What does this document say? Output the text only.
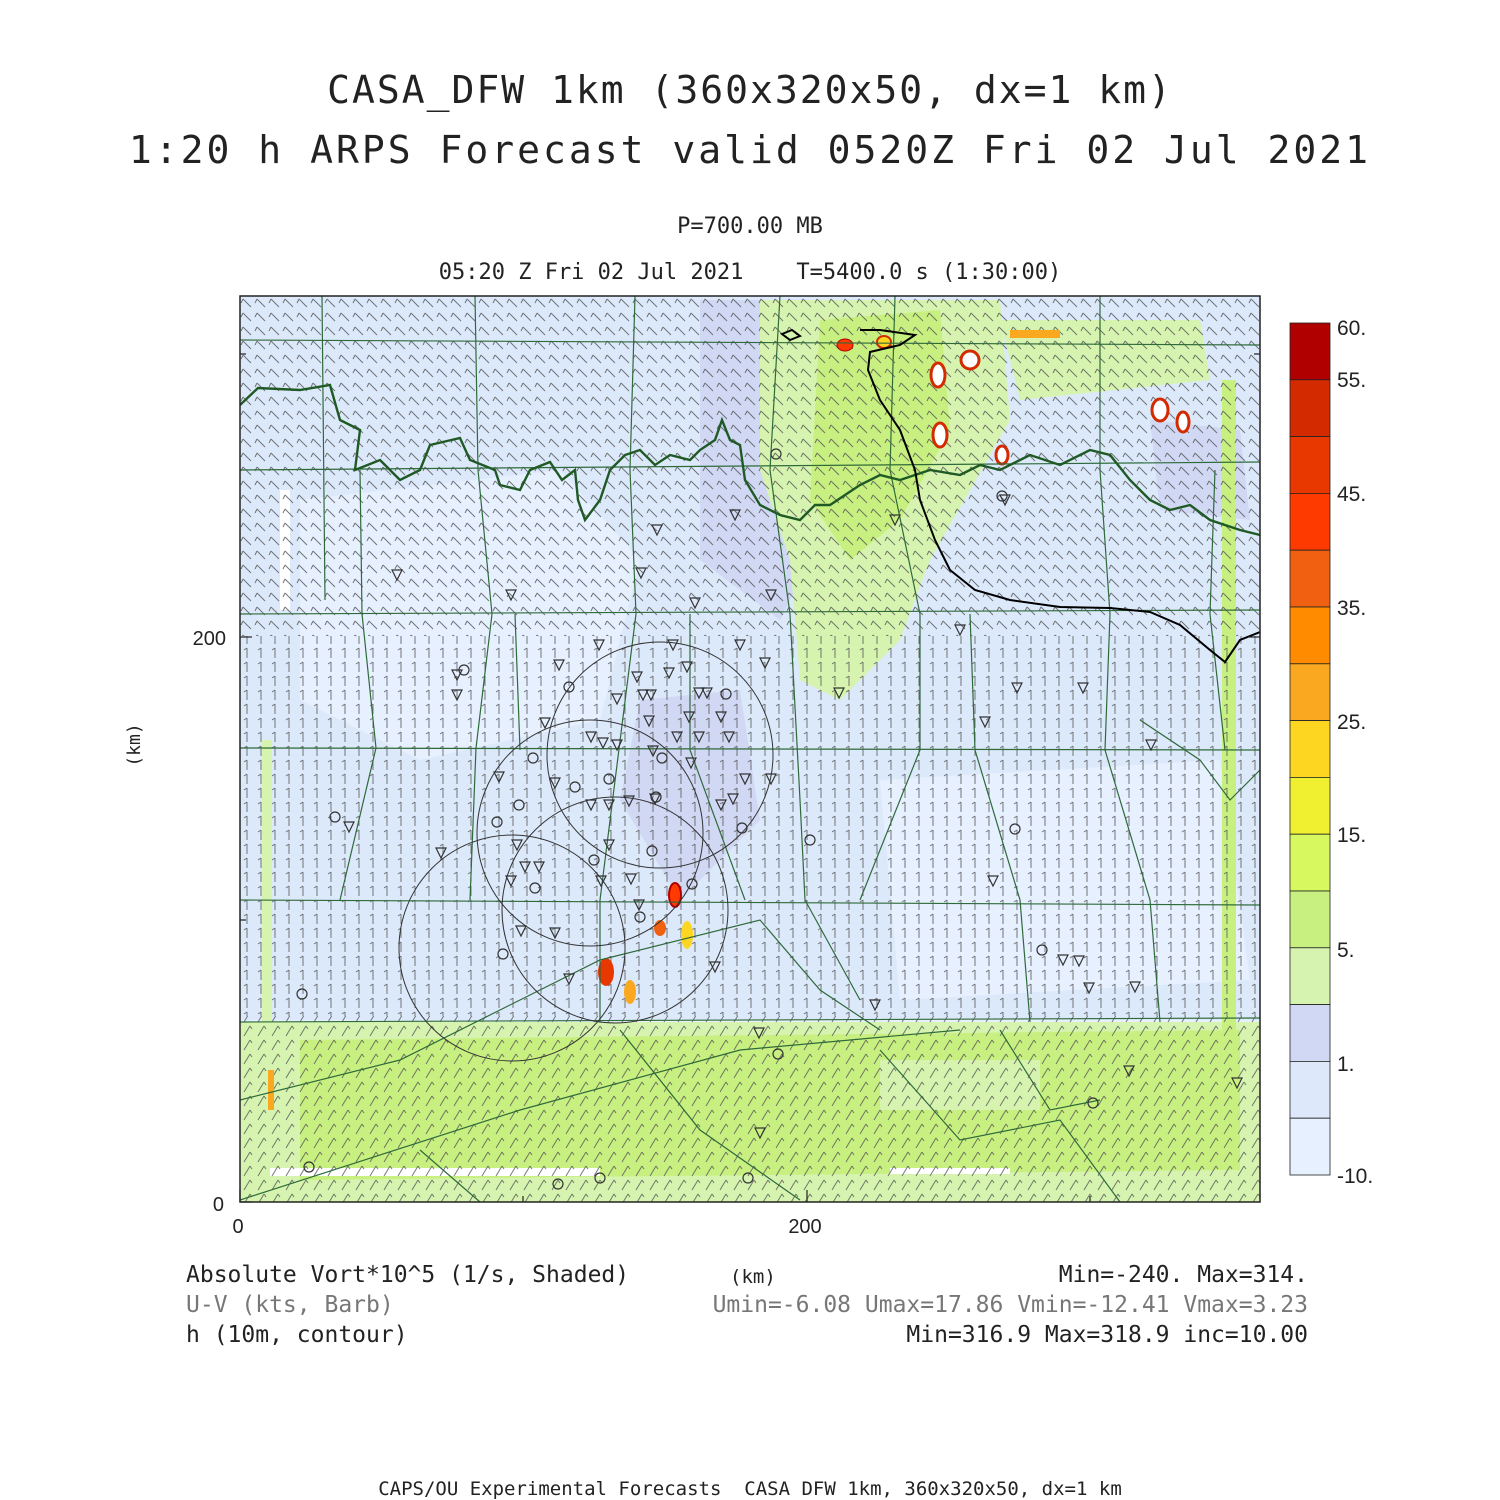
CASA_DFW 1km (360x320x50, dx=1 km)
1:20 h ARPS Forecast valid 0520Z Fri 02 Jul 2021
P=700.00 MB
05:20 Z Fri 02 Jul 2021    T=5400.0 s (1:30:00)
0	200
0
200
(km)
60.
55.
45.
35.
25.
15.
5.
1.
-10.
Absolute Vort*10^5 (1/s, Shaded)
U-V (kts, Barb)
h (10m, contour)
(km)	Min=-240. Max=314.
Umin=-6.08 Umax=17.86 Vmin=-12.41 Vmax=3.23
Min=316.9 Max=318.9 inc=10.00
CAPS/OU Experimental Forecasts  CASA DFW 1km, 360x320x50, dx=1 km
